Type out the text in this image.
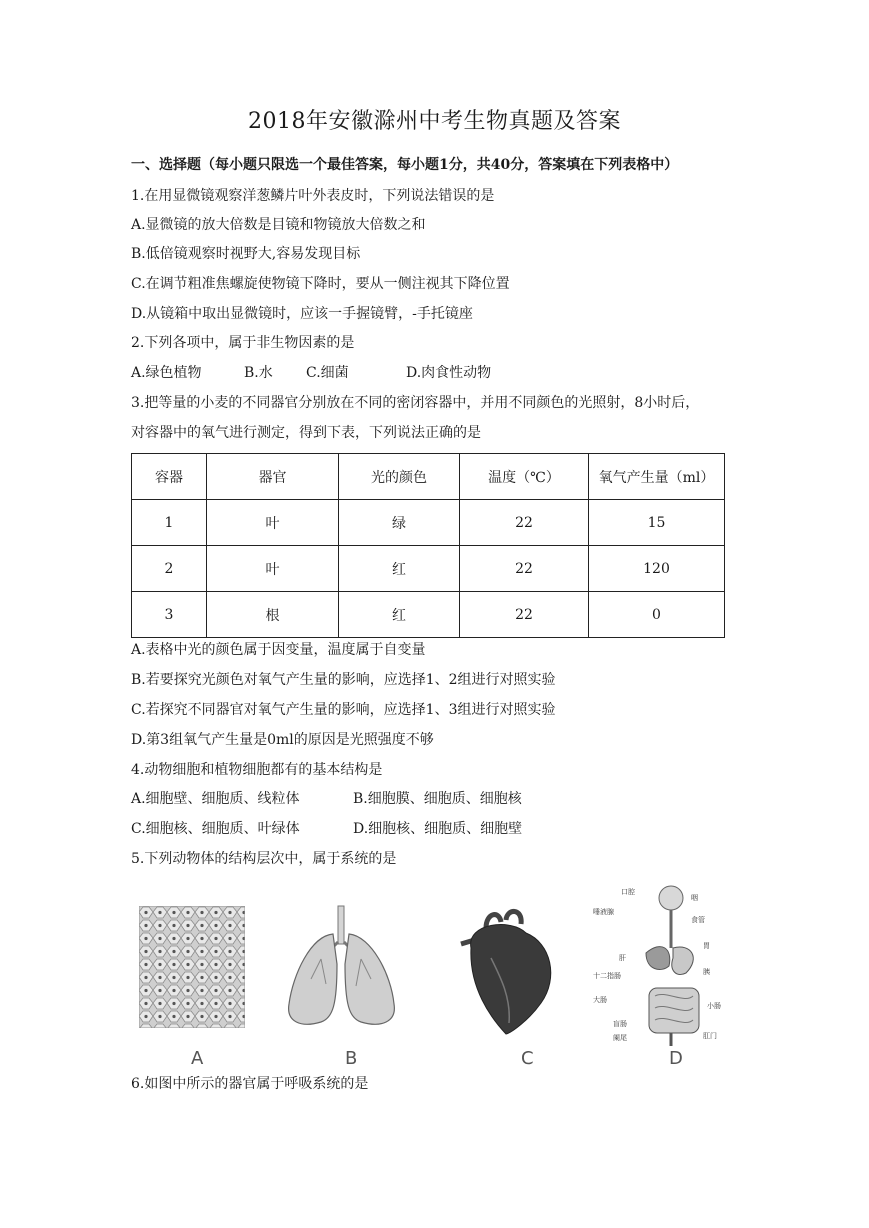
2018年安徽滁州中考生物真题及答案
一、选择题（每小题只限选一个最佳答案，每小题1分，共40分，答案填在下列表格中）
1.在用显微镜观察洋葱鳞片叶外表皮时，下列说法错误的是
A.显微镜的放大倍数是目镜和物镜放大倍数之和
B.低倍镜观察时视野大,容易发现目标
C.在调节粗准焦螺旋使物镜下降时，要从一侧注视其下降位置
D.从镜箱中取出显微镜时，应该一手握镜臂，-手托镜座
2.下列各项中，属于非生物因素的是
A.绿色植物	B.水 C.细菌	D.肉食性动物
3.把等量的小麦的不同器官分别放在不同的密闭容器中，并用不同颜色的光照射，8小时后，
对容器中的氧气进行测定，得到下表，下列说法正确的是
容器	器官	光的颜色	温度（℃）	氧气产生量（ml）
1	叶	绿	22	15
2	叶	红	22	120
3	根	红	22	0
A.表格中光的颜色属于因变量，温度属于自变量
B.若要探究光颜色对氧气产生量的影响，应选择1、2组进行对照实验
C.若探究不同器官对氧气产生量的影响，应选择1、3组进行对照实验
D.第3组氧气产生量是0ml的原因是光照强度不够
4.动物细胞和植物细胞都有的基本结构是
A.细胞壁、细胞质、线粒体	B.细胞膜、细胞质、细胞核
C.细胞核、细胞质、叶绿体	D.细胞核、细胞质、细胞壁
5.下列动物体的结构层次中，属于系统的是
A	B	C
唾液腺
口腔
咽
食管
肝
胃
十二指肠	胰
大肠
小肠
盲肠
阑尾	肛门
D
6.如图中所示的器官属于呼吸系统的是
